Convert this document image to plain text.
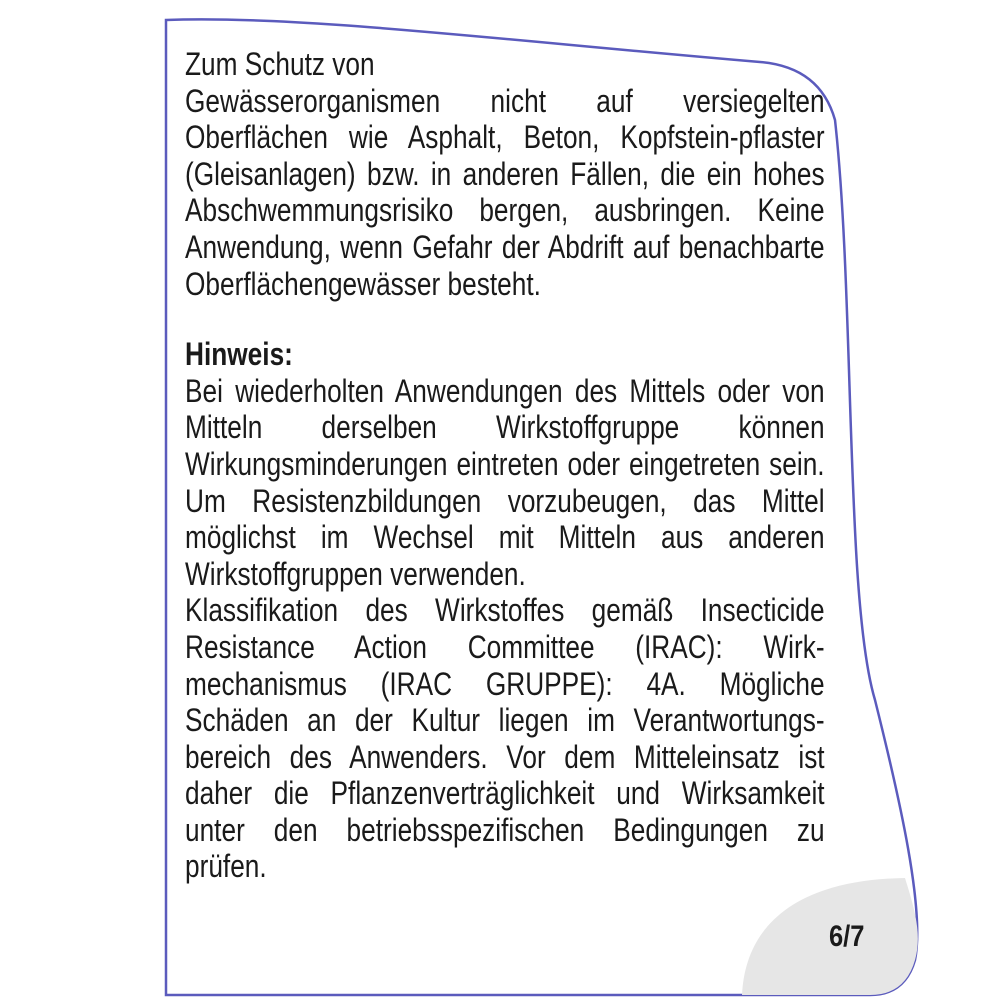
Zum Schutz von

Gewässerorganismen nicht auf versiegelten Oberflächen wie Asphalt, Beton, Kopfstein-pflaster (Gleisanlagen) bzw. in anderen Fällen, die ein hohes Abschwemmungsrisiko bergen, ausbringen. Keine Anwendung, wenn Gefahr der Abdrift auf benachbarte Oberflächengewässer besteht.

Hinweis:

Bei wiederholten Anwendungen des Mittels oder von Mitteln derselben Wirkstoffgruppe können Wirkungsminderungen eintreten oder eingetreten sein. Um Resistenzbildungen vorzubeugen, das Mittel möglichst im Wechsel mit Mitteln aus anderen Wirkstoffgruppen verwenden.

Klassifikation des Wirkstoffes gemäß Insecticide Resistance Action Committee (IRAC): Wirk-mechanismus (IRAC GRUPPE): 4A. Mögliche Schäden an der Kultur liegen im Verantwortungs-bereich des Anwenders. Vor dem Mitteleinsatz ist daher die Pflanzenverträglichkeit und Wirksamkeit unter den betriebsspezifischen Bedingungen zu prüfen.

6/7
